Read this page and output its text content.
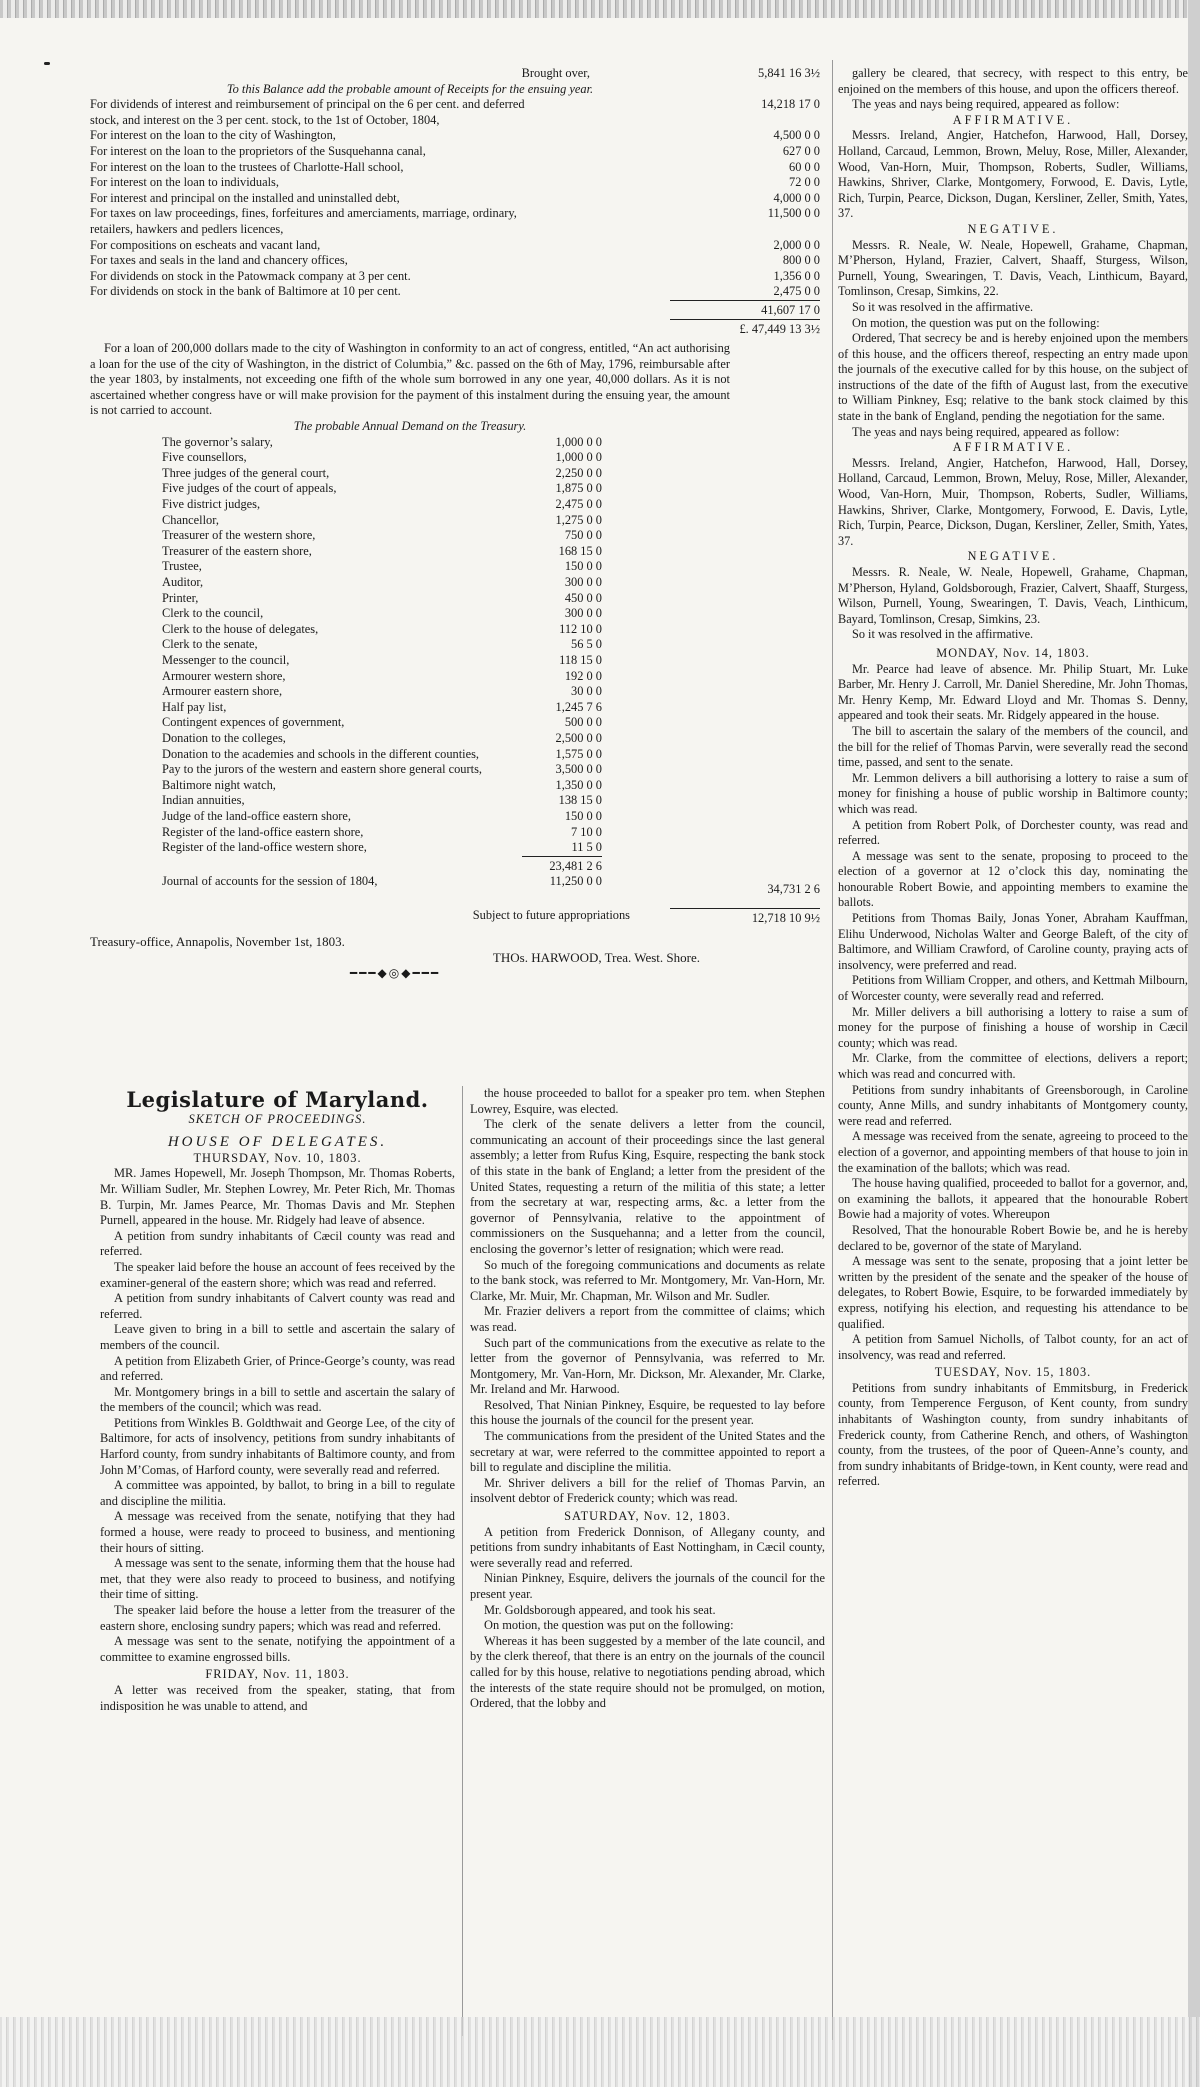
Brought over,	5,841 16 3½
To this Balance add the probable amount of Receipts for the ensuing year.
For dividends of interest and reimbursement of principal on the 6 per cent. and deferred stock, and interest on the 3 per cent. stock, to the 1st of October, 1804,	14,218 17 0
For interest on the loan to the city of Washington,	4,500 0 0
For interest on the loan to the proprietors of the Susquehanna canal,	627 0 0
For interest on the loan to the trustees of Charlotte-Hall school,	60 0 0
For interest on the loan to individuals,	72 0 0
For interest and principal on the installed and uninstalled debt,	4,000 0 0
For taxes on law proceedings, fines, forfeitures and amerciaments, marriage, ordinary, retailers, hawkers and pedlers licences,	11,500 0 0
For compositions on escheats and vacant land,	2,000 0 0
For taxes and seals in the land and chancery offices,	800 0 0
For dividends on stock in the Patowmack company at 3 per cent.	1,356 0 0
For dividends on stock in the bank of Baltimore at 10 per cent.	2,475 0 0
	41,607 17 0
	£. 47,449 13 3½

For a loan of 200,000 dollars made to the city of Washington in conformity to an act of congress, entitled, “An act authorising a loan for the use of the city of Washington, in the district of Columbia,” &c. passed on the 6th of May, 1796, reimbursable after the year 1803, by instalments, not exceeding one fifth of the whole sum borrowed in any one year, 40,000 dollars. As it is not ascertained whether congress have or will make provision for the payment of this instalment during the ensuing year, the amount is not carried to account.

The probable Annual Demand on the Treasury.
The governor’s salary,	1,000 0 0
Five counsellors,	1,000 0 0
Three judges of the general court,	2,250 0 0
Five judges of the court of appeals,	1,875 0 0
Five district judges,	2,475 0 0
Chancellor,	1,275 0 0
Treasurer of the western shore,	750 0 0
Treasurer of the eastern shore,	168 15 0
Trustee,	150 0 0
Auditor,	300 0 0
Printer,	450 0 0
Clerk to the council,	300 0 0
Clerk to the house of delegates,	112 10 0
Clerk to the senate,	56 5 0
Messenger to the council,	118 15 0
Armourer western shore,	192 0 0
Armourer eastern shore,	30 0 0
Half pay list,	1,245 7 6
Contingent expences of government,	500 0 0
Donation to the colleges,	2,500 0 0
Donation to the academies and schools in the different counties,	1,575 0 0
Pay to the jurors of the western and eastern shore general courts,	3,500 0 0
Baltimore night watch,	1,350 0 0
Indian annuities,	138 15 0
Judge of the land-office eastern shore,	150 0 0
Register of the land-office eastern shore,	7 10 0
Register of the land-office western shore,	11 5 0
	23,481 2 6	
Journal of accounts for the session of 1804,	11,250 0 0	34,731 2 6
Subject to future appropriations	12,718 10 9½
Treasury-office, Annapolis, November 1st, 1803.
THOs. HARWOOD, Trea. West. Shore.
━━━◆◎◆━━━
Legislature of Maryland.
SKETCH OF PROCEEDINGS.
HOUSE OF DELEGATES.
THURSDAY, Nov. 10, 1803.

MR. James Hopewell, Mr. Joseph Thompson, Mr. Thomas Roberts, Mr. William Sudler, Mr. Stephen Lowrey, Mr. Peter Rich, Mr. Thomas B. Turpin, Mr. James Pearce, Mr. Thomas Davis and Mr. Stephen Purnell, appeared in the house. Mr. Ridgely had leave of absence.

A petition from sundry inhabitants of Cæcil county was read and referred.

The speaker laid before the house an account of fees received by the examiner-general of the eastern shore; which was read and referred.

A petition from sundry inhabitants of Calvert county was read and referred.

Leave given to bring in a bill to settle and ascertain the salary of members of the council.

A petition from Elizabeth Grier, of Prince-George’s county, was read and referred.

Mr. Montgomery brings in a bill to settle and ascertain the salary of the members of the council; which was read.

Petitions from Winkles B. Goldthwait and George Lee, of the city of Baltimore, for acts of insolvency, petitions from sundry inhabitants of Harford county, from sundry inhabitants of Baltimore county, and from John M’Comas, of Harford county, were severally read and referred.

A committee was appointed, by ballot, to bring in a bill to regulate and discipline the militia.

A message was received from the senate, notifying that they had formed a house, were ready to proceed to business, and mentioning their hours of sitting.

A message was sent to the senate, informing them that the house had met, that they were also ready to proceed to business, and notifying their time of sitting.

The speaker laid before the house a letter from the treasurer of the eastern shore, enclosing sundry papers; which was read and referred.

A message was sent to the senate, notifying the appointment of a committee to examine engrossed bills.

FRIDAY, Nov. 11, 1803.

A letter was received from the speaker, stating, that from indisposition he was unable to attend, and

the house proceeded to ballot for a speaker pro tem. when Stephen Lowrey, Esquire, was elected.

The clerk of the senate delivers a letter from the council, communicating an account of their proceedings since the last general assembly; a letter from Rufus King, Esquire, respecting the bank stock of this state in the bank of England; a letter from the president of the United States, requesting a return of the militia of this state; a letter from the secretary at war, respecting arms, &c. a letter from the governor of Pennsylvania, relative to the appointment of commissioners on the Susquehanna; and a letter from the council, enclosing the governor’s letter of resignation; which were read.

So much of the foregoing communications and documents as relate to the bank stock, was referred to Mr. Montgomery, Mr. Van-Horn, Mr. Clarke, Mr. Muir, Mr. Chapman, Mr. Wilson and Mr. Sudler.

Mr. Frazier delivers a report from the committee of claims; which was read.

Such part of the communications from the executive as relate to the letter from the governor of Pennsylvania, was referred to Mr. Montgomery, Mr. Van-Horn, Mr. Dickson, Mr. Alexander, Mr. Clarke, Mr. Ireland and Mr. Harwood.

Resolved, That Ninian Pinkney, Esquire, be requested to lay before this house the journals of the council for the present year.

The communications from the president of the United States and the secretary at war, were referred to the committee appointed to report a bill to regulate and discipline the militia.

Mr. Shriver delivers a bill for the relief of Thomas Parvin, an insolvent debtor of Frederick county; which was read.

SATURDAY, Nov. 12, 1803.

A petition from Frederick Donnison, of Allegany county, and petitions from sundry inhabitants of East Nottingham, in Cæcil county, were severally read and referred.

Ninian Pinkney, Esquire, delivers the journals of the council for the present year.

Mr. Goldsborough appeared, and took his seat.

On motion, the question was put on the following:

Whereas it has been suggested by a member of the late council, and by the clerk thereof, that there is an entry on the journals of the council called for by this house, relative to negotiations pending abroad, which the interests of the state require should not be promulged, on motion, Ordered, that the lobby and

gallery be cleared, that secrecy, with respect to this entry, be enjoined on the members of this house, and upon the officers thereof.

The yeas and nays being required, appeared as follow:

AFFIRMATIVE.

Messrs. Ireland, Angier, Hatchefon, Harwood, Hall, Dorsey, Holland, Carcaud, Lemmon, Brown, Meluy, Rose, Miller, Alexander, Wood, Van-Horn, Muir, Thompson, Roberts, Sudler, Williams, Hawkins, Shriver, Clarke, Montgomery, Forwood, E. Davis, Lytle, Rich, Turpin, Pearce, Dickson, Dugan, Kersliner, Zeller, Smith, Yates, 37.

NEGATIVE.

Messrs. R. Neale, W. Neale, Hopewell, Grahame, Chapman, M’Pherson, Hyland, Frazier, Calvert, Shaaff, Sturgess, Wilson, Purnell, Young, Swearingen, T. Davis, Veach, Linthicum, Bayard, Tomlinson, Cresap, Simkins, 22.

So it was resolved in the affirmative.

On motion, the question was put on the following:

Ordered, That secrecy be and is hereby enjoined upon the members of this house, and the officers thereof, respecting an entry made upon the journals of the executive called for by this house, on the subject of instructions of the date of the fifth of August last, from the executive to William Pinkney, Esq; relative to the bank stock claimed by this state in the bank of England, pending the negotiation for the same.

The yeas and nays being required, appeared as follow:

AFFIRMATIVE.

Messrs. Ireland, Angier, Hatchefon, Harwood, Hall, Dorsey, Holland, Carcaud, Lemmon, Brown, Meluy, Rose, Miller, Alexander, Wood, Van-Horn, Muir, Thompson, Roberts, Sudler, Williams, Hawkins, Shriver, Clarke, Montgomery, Forwood, E. Davis, Lytle, Rich, Turpin, Pearce, Dickson, Dugan, Kersliner, Zeller, Smith, Yates, 37.

NEGATIVE.

Messrs. R. Neale, W. Neale, Hopewell, Grahame, Chapman, M’Pherson, Hyland, Goldsborough, Frazier, Calvert, Shaaff, Sturgess, Wilson, Purnell, Young, Swearingen, T. Davis, Veach, Linthicum, Bayard, Tomlinson, Cresap, Simkins, 23.

So it was resolved in the affirmative.

MONDAY, Nov. 14, 1803.

Mr. Pearce had leave of absence. Mr. Philip Stuart, Mr. Luke Barber, Mr. Henry J. Carroll, Mr. Daniel Sheredine, Mr. John Thomas, Mr. Henry Kemp, Mr. Edward Lloyd and Mr. Thomas S. Denny, appeared and took their seats. Mr. Ridgely appeared in the house.

The bill to ascertain the salary of the members of the council, and the bill for the relief of Thomas Parvin, were severally read the second time, passed, and sent to the senate.

Mr. Lemmon delivers a bill authorising a lottery to raise a sum of money for finishing a house of public worship in Baltimore county; which was read.

A petition from Robert Polk, of Dorchester county, was read and referred.

A message was sent to the senate, proposing to proceed to the election of a governor at 12 o’clock this day, nominating the honourable Robert Bowie, and appointing members to examine the ballots.

Petitions from Thomas Baily, Jonas Yoner, Abraham Kauffman, Elihu Underwood, Nicholas Walter and George Baleft, of the city of Baltimore, and William Crawford, of Caroline county, praying acts of insolvency, were preferred and read.

Petitions from William Cropper, and others, and Kettmah Milbourn, of Worcester county, were severally read and referred.

Mr. Miller delivers a bill authorising a lottery to raise a sum of money for the purpose of finishing a house of worship in Cæcil county; which was read.

Mr. Clarke, from the committee of elections, delivers a report; which was read and concurred with.

Petitions from sundry inhabitants of Greensborough, in Caroline county, Anne Mills, and sundry inhabitants of Montgomery county, were read and referred.

A message was received from the senate, agreeing to proceed to the election of a governor, and appointing members of that house to join in the examination of the ballots; which was read.

The house having qualified, proceeded to ballot for a governor, and, on examining the ballots, it appeared that the honourable Robert Bowie had a majority of votes. Whereupon

Resolved, That the honourable Robert Bowie be, and he is hereby declared to be, governor of the state of Maryland.

A message was sent to the senate, proposing that a joint letter be written by the president of the senate and the speaker of the house of delegates, to Robert Bowie, Esquire, to be forwarded immediately by express, notifying his election, and requesting his attendance to be qualified.

A petition from Samuel Nicholls, of Talbot county, for an act of insolvency, was read and referred.

TUESDAY, Nov. 15, 1803.

Petitions from sundry inhabitants of Emmitsburg, in Frederick county, from Temperence Ferguson, of Kent county, from sundry inhabitants of Washington county, from sundry inhabitants of Frederick county, from Catherine Rench, and others, of Washington county, from the trustees, of the poor of Queen-Anne’s county, and from sundry inhabitants of Bridge-town, in Kent county, were read and referred.
